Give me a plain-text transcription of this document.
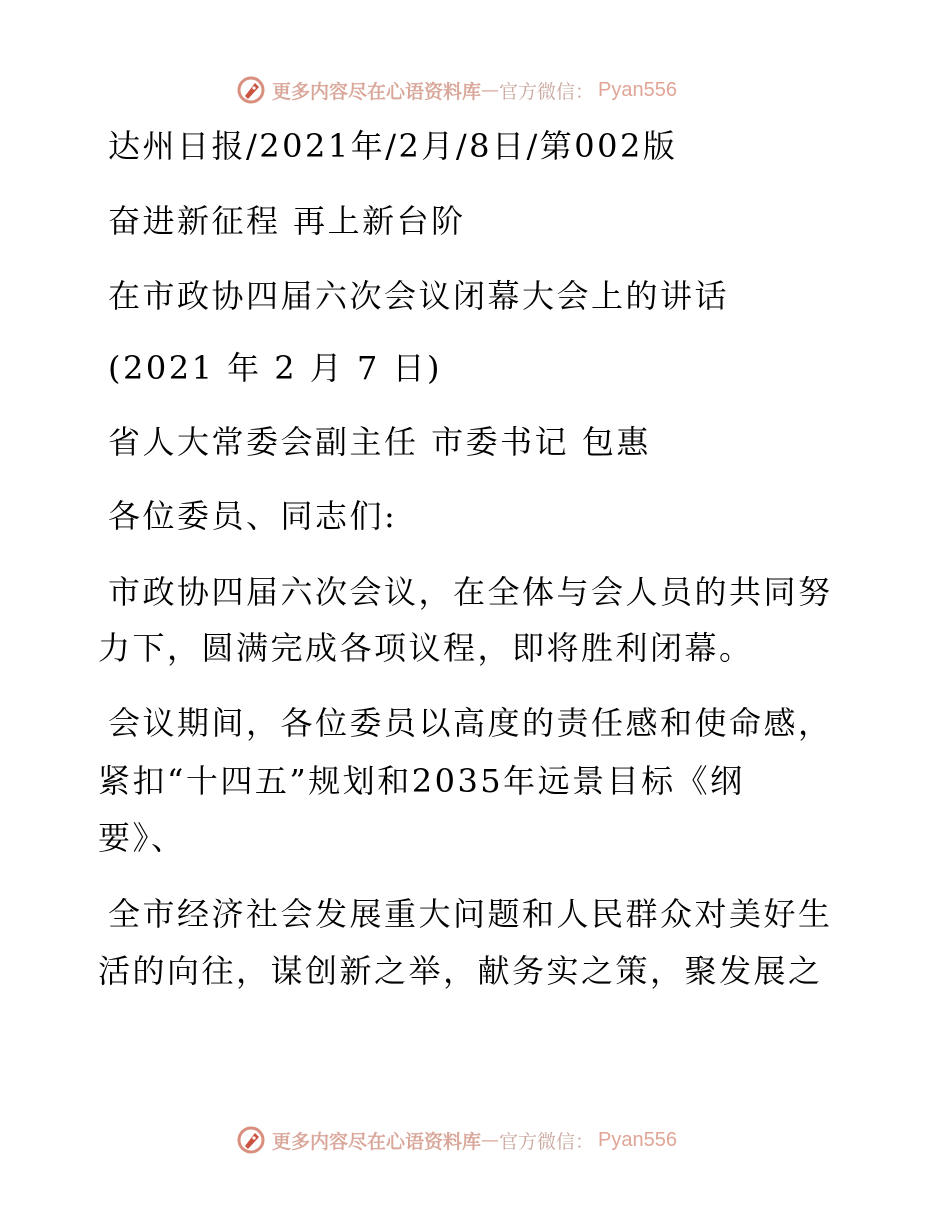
更多内容尽在心语资料库 — 官方微信： Pyan556
达州日报/2021年/2月/8日/第002版
奋进新征程 再上新台阶
在市政协四届六次会议闭幕大会上的讲话
(2021 年 2 月 7 日)
省人大常委会副主任 市委书记 包惠
各位委员、同志们:
市政协四届六次会议，在全体与会人员的共同努
力下，圆满完成各项议程，即将胜利闭幕。
会议期间，各位委员以高度的责任感和使命感，
紧扣“十四五”规划和2035年远景目标《纲
要》、
全市经济社会发展重大问题和人民群众对美好生
活的向往，谋创新之举，献务实之策，聚发展之
更多内容尽在心语资料库 — 官方微信： Pyan556
